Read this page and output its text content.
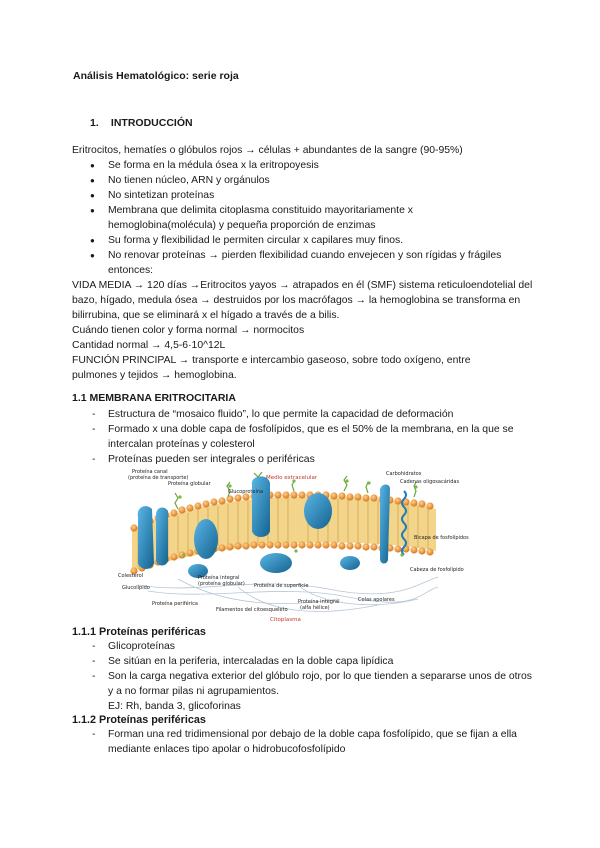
Análisis Hematológico: serie roja
1. INTRODUCCIÓN
Eritrocitos, hematíes o glóbulos rojos → células + abundantes de la sangre (90-95%)
● Se forma en la médula ósea x la eritropoyesis
● No tienen núcleo, ARN y orgánulos
● No sintetizan proteínas
● Membrana que delimita citoplasma constituido mayoritariamente x hemoglobina(molécula) y pequeña proporción de enzimas
● Su forma y flexibilidad le permiten circular x capilares muy finos.
● No renovar proteínas → pierden flexibilidad cuando envejecen y son rígidas y frágiles entonces:
VIDA MEDIA → 120 días →Eritrocitos yayos → atrapados en él (SMF) sistema reticuloendotelial del bazo, hígado, medula ósea → destruidos por los macrófagos → la hemoglobina se transforma en bilirrubina, que se eliminará x el hígado a través de a bilis.
Cuándo tienen color y forma normal → normocitos
Cantidad normal → 4,5-6·10^12L
FUNCIÓN PRINCIPAL → transporte e intercambio gaseoso, sobre todo oxígeno, entre pulmones y tejidos → hemoglobina.
1.1 MEMBRANA ERITROCITARIA
- Estructura de “mosaico fluido”, lo que permite la capacidad de deformación
- Formado x una doble capa de fosfolípidos, que es el 50% de la membrana, en la que se intercalan proteínas y colesterol
- Proteínas pueden ser integrales o periféricas
Proteína canal
(proteína de transporte)
Proteína globular
Glucoproteína
Medio extracelular
Carbohidratos
Cadenas oligosacáridas
Bicapa de fosfolípidos
Cabeza de fosfolípido
Colesterol
Glucolípido
Proteína periférica
Proteína integral
(proteína globular) Proteína de superficie
Proteína integral
(alfa hélice)
Filamentos del citoesqueleto
Citoplasma
Colas apolares
1.1.1 Proteínas periféricas
- Glicoproteínas
- Se sitúan en la periferia, intercaladas en la doble capa lipídica
- Son la carga negativa exterior del glóbulo rojo, por lo que tienden a separarse unos de otros y a no formar pilas ni agrupamientos.
EJ: Rh, banda 3, glicoforinas
1.1.2 Proteínas periféricas
- Forman una red tridimensional por debajo de la doble capa fosfolípido, que se fijan a ella mediante enlaces tipo apolar o hidrobucofosfolípido
